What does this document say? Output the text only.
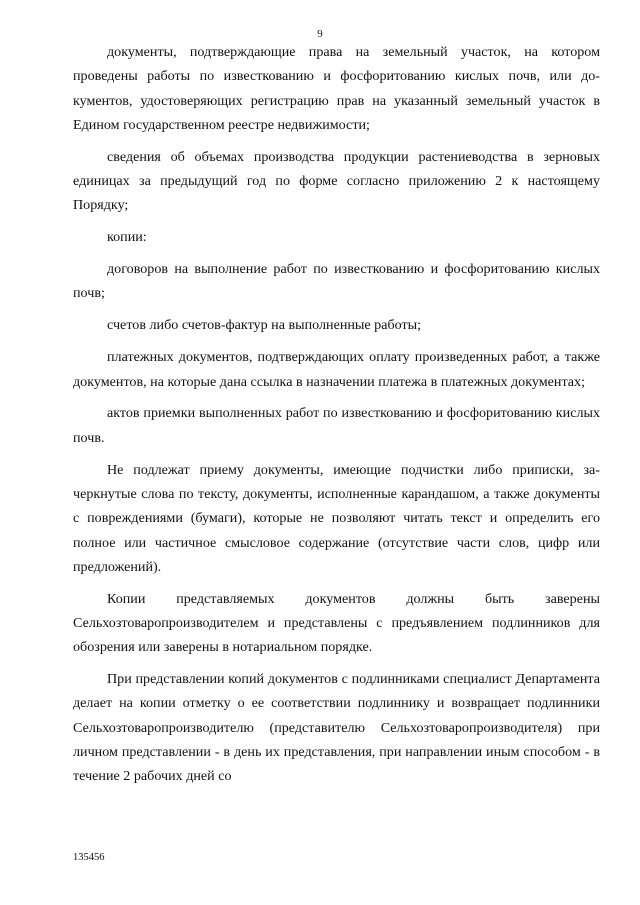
9

документы, подтверждающие права на земельный участок, на котором проведены работы по известкованию и фосфоритованию кислых почв, или документов, удостоверяющих регистрацию прав на указанный земельный участок в Едином государственном реестре недвижимости;

сведения об объемах производства продукции растениеводства в зерновых единицах за предыдущий год по форме согласно приложению 2 к настоящему Порядку;

копии:

договоров на выполнение работ по известкованию и фосфоритованию кислых почв;

счетов либо счетов-фактур на выполненные работы;

платежных документов, подтверждающих оплату произведенных работ, а также документов, на которые дана ссылка в назначении платежа в платежных документах;

актов приемки выполненных работ по известкованию и фосфоритованию кислых почв.

Не подлежат приему документы, имеющие подчистки либо приписки, зачеркнутые слова по тексту, документы, исполненные карандашом, а также документы с повреждениями (бумаги), которые не позволяют читать текст и определить его полное или частичное смысловое содержание (отсутствие части слов, цифр или предложений).

Копии представляемых документов должны быть заверены Сельхозтоваропроизводителем и представлены с предъявлением подлинников для обозрения или заверены в нотариальном порядке.

При представлении копий документов с подлинниками специалист Департамента делает на копии отметку о ее соответствии подлиннику и возвращает подлинники Сельхозтоваропроизводителю (представителю Сельхозтоваропроизводителя) при личном представлении - в день их представления, при направлении иным способом - в течение 2 рабочих дней со

135456
